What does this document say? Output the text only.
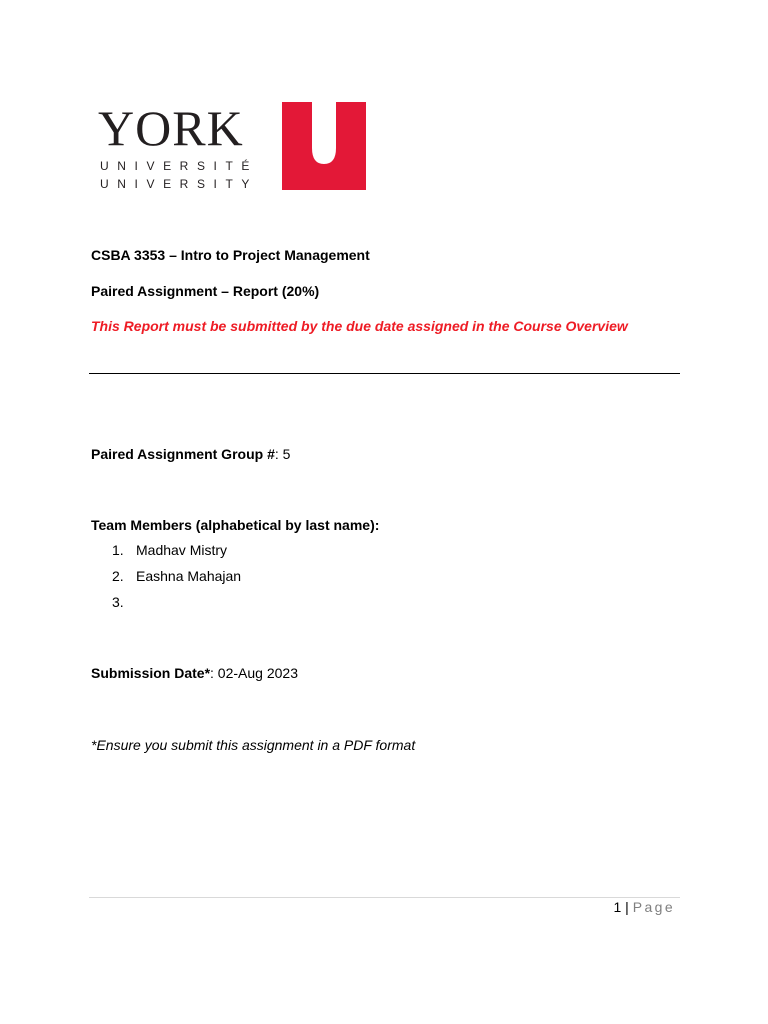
YORK
UNIVERSITÉ
UNIVERSITY
CSBA 3353 – Intro to Project Management
Paired Assignment – Report (20%)
This Report must be submitted by the due date assigned in the Course Overview
Paired Assignment Group #: 5
Team Members (alphabetical by last name):
1. Madhav Mistry
2. Eashna Mahajan
3.
Submission Date*: 02-Aug 2023
*Ensure you submit this assignment in a PDF format
1 | Page
